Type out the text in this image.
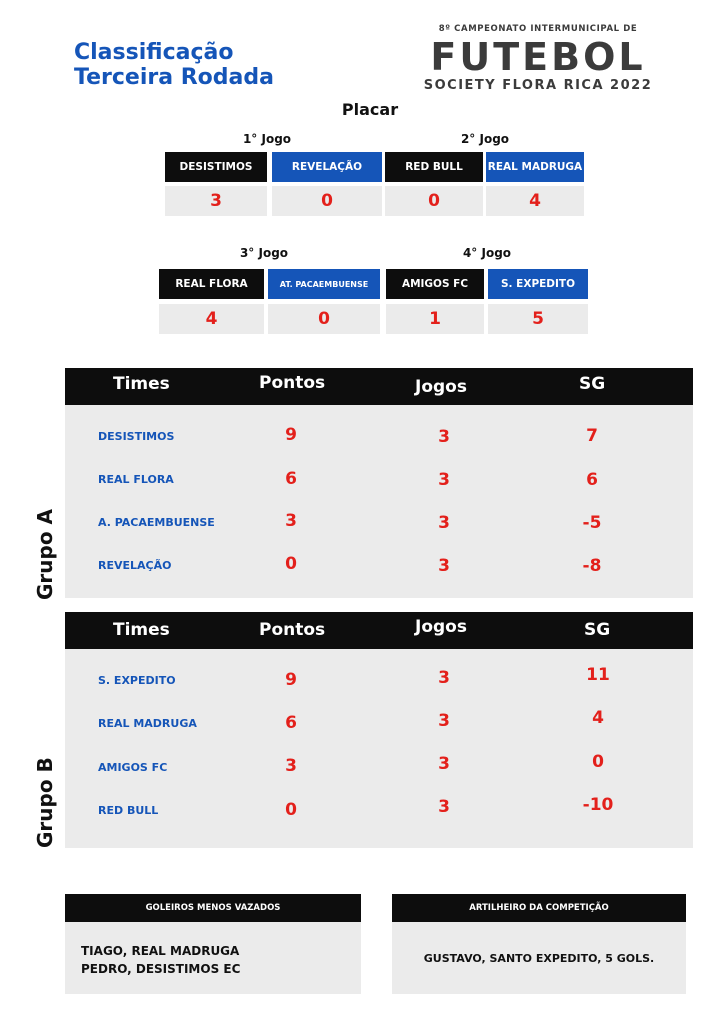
Classificação
Terceira Rodada
8º CAMPEONATO INTERMUNICIPAL DE
FUTEBOL
SOCIETY FLORA RICA 2022
Placar
1° Jogo
DESISTIMOS	REVELAÇÃO
3	0
2° Jogo
RED BULL	REAL MADRUGA
0	4
3° Jogo
REAL FLORA	AT. PACAEMBUENSE
4	0
4° Jogo
AMIGOS FC	S. EXPEDITO
1	5
Times	Pontos	Jogos	SG
DESISTIMOS	9	3	7
REAL FLORA	6	3	6
A. PACAEMBUENSE	3	3	-5
REVELAÇÃO	0	3	-8
Grupo A
Times	Pontos	Jogos	SG
S. EXPEDITO	9	3	11
REAL MADRUGA	6	3	4
AMIGOS FC	3	3	0
RED BULL	0	3	-10
Grupo B
GOLEIROS MENOS VAZADOS
TIAGO, REAL MADRUGA
PEDRO, DESISTIMOS EC
ARTILHEIRO DA COMPETIÇÃO
GUSTAVO, SANTO EXPEDITO, 5 GOLS.
